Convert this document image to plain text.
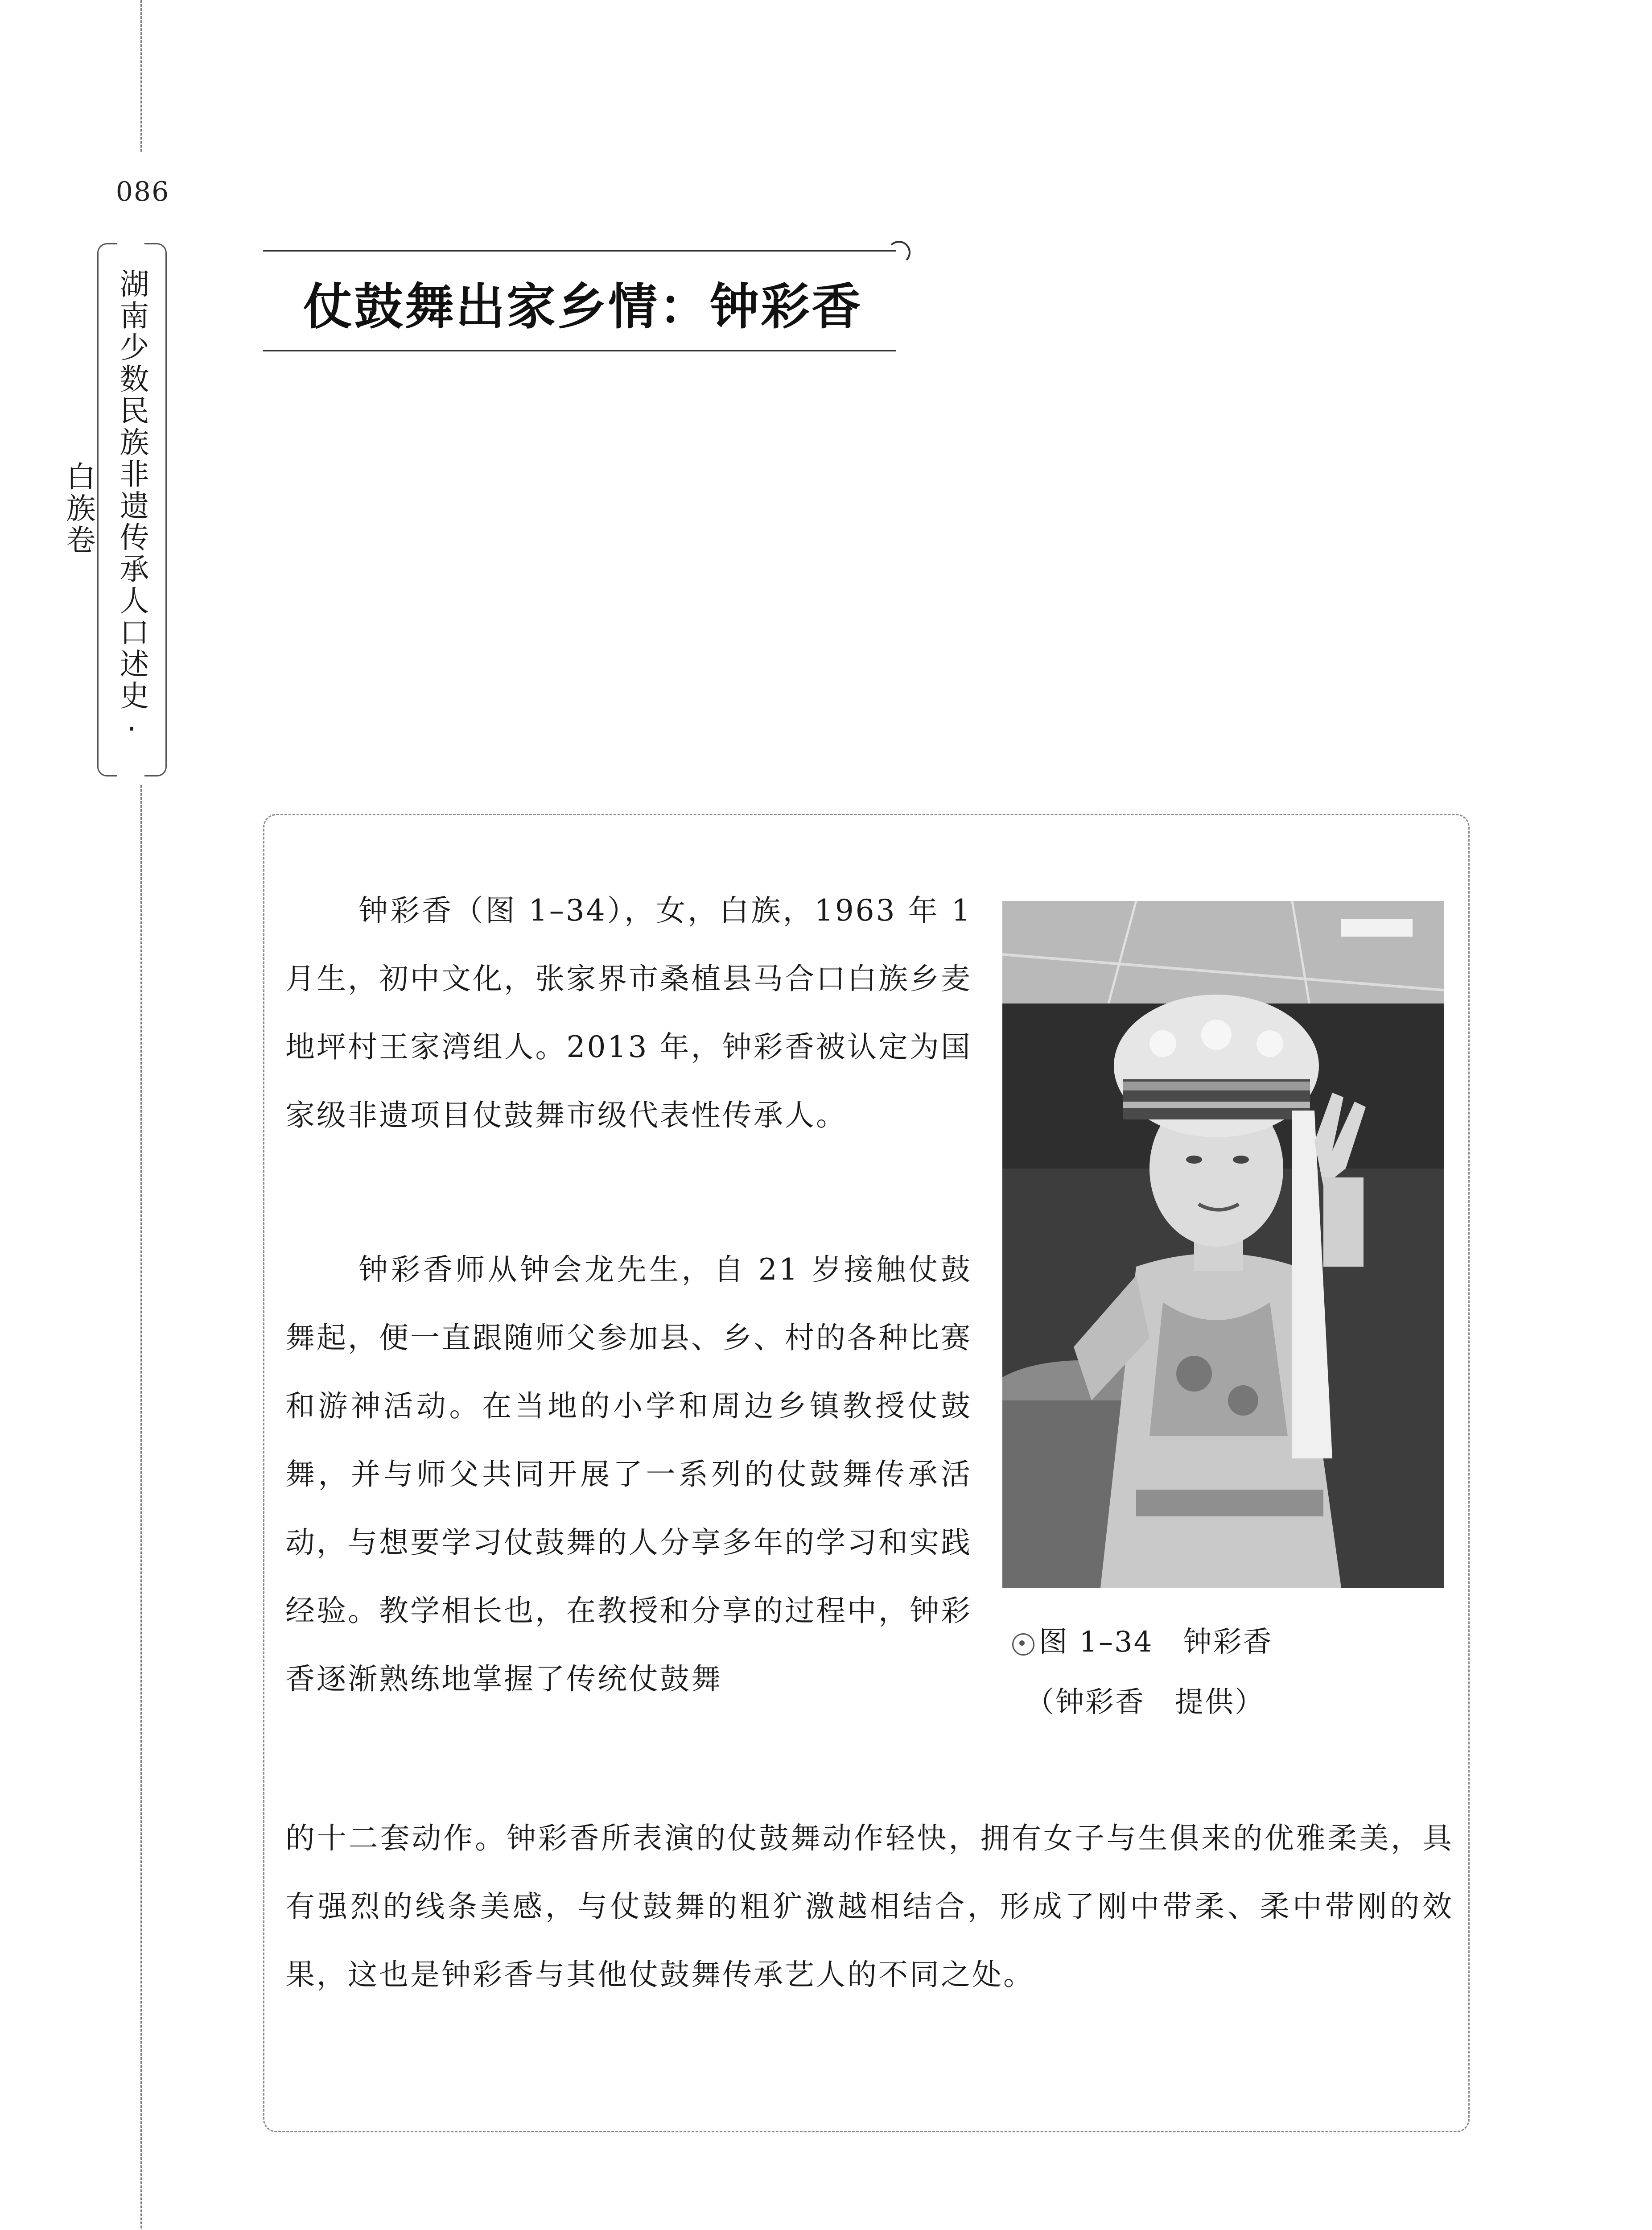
086
湖南少数民族非遗传承人口述史·白族卷
仗鼓舞出家乡情：钟彩香

钟彩香（图 1–34），女，白族，1963 年 1 月生，初中文化，张家界市桑植县马合口白族乡麦地坪村王家湾组人。2013 年，钟彩香被认定为国家级非遗项目仗鼓舞市级代表性传承人。

钟彩香师从钟会龙先生，自 21 岁接触仗鼓舞起，便一直跟随师父参加县、乡、村的各种比赛和游神活动。在当地的小学和周边乡镇教授仗鼓舞，并与师父共同开展了一系列的仗鼓舞传承活动，与想要学习仗鼓舞的人分享多年的学习和实践经验。教学相长也，在教授和分享的过程中，钟彩香逐渐熟练地掌握了传统仗鼓舞

的十二套动作。钟彩香所表演的仗鼓舞动作轻快，拥有女子与生俱来的优雅柔美，具有强烈的线条美感，与仗鼓舞的粗犷激越相结合，形成了刚中带柔、柔中带刚的效果，这也是钟彩香与其他仗鼓舞传承艺人的不同之处。

图 1–34　钟彩香
（钟彩香　提供）
